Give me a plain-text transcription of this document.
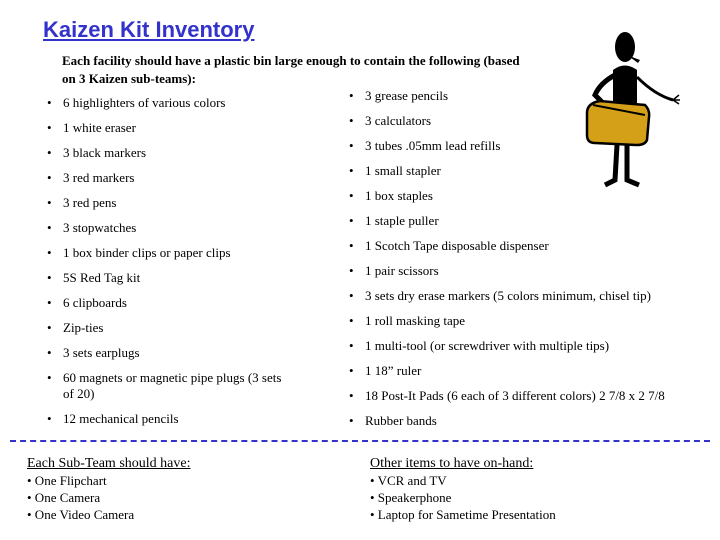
Kaizen Kit Inventory
Each facility should have a plastic bin large enough to contain the following (based on 3 Kaizen sub-teams):
• 6 highlighters of various colors
• 1 white eraser
• 3 black markers
• 3 red markers
• 3 red pens
• 3 stopwatches
• 1 box binder clips or paper clips
• 5S Red Tag kit
• 6 clipboards
• Zip-ties
• 3 sets earplugs
• 60 magnets or magnetic pipe plugs (3 sets of 20)
• 12 mechanical pencils
• 3 grease pencils
• 3 calculators
• 3 tubes .05mm lead refills
• 1 small stapler
• 1 box staples
• 1 staple puller
• 1 Scotch Tape disposable dispenser
• 1 pair scissors
• 3 sets dry erase markers (5 colors minimum, chisel tip)
• 1 roll masking tape
• 1 multi-tool (or screwdriver with multiple tips)
• 1 18” ruler
• 18 Post-It Pads (6 each of 3 different colors) 2 7/8 x 2 7/8
• Rubber bands
Each Sub-Team should have:
• One Flipchart
• One Camera
• One Video Camera
Other items to have on-hand:
• VCR and TV
• Speakerphone
• Laptop for Sametime Presentation
